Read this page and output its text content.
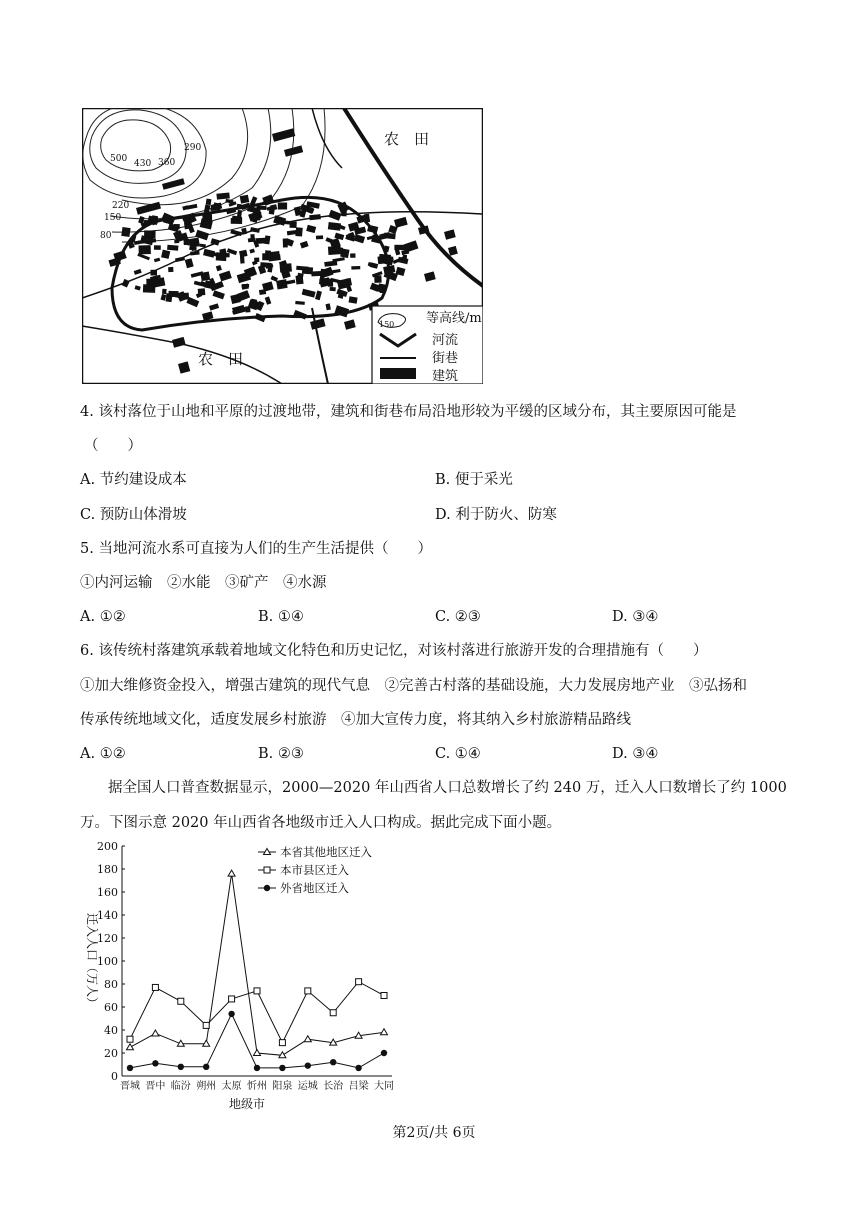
500 430 360
290
220
150
80
农　田
农　田
150 等高线/m
河流
街巷
建筑
4. 该村落位于山地和平原的过渡地带，建筑和街巷布局沿地形较为平缓的区域分布，其主要原因可能是
（　　）
A. 节约建设成本	B. 便于采光
C. 预防山体滑坡	D. 利于防火、防寒
5. 当地河流水系可直接为人们的生产生活提供（　　）
①内河运输　②水能　③矿产　④水源
A. ①②	B. ①④	C. ②③	D. ③④
6. 该传统村落建筑承载着地域文化特色和历史记忆，对该村落进行旅游开发的合理措施有（　　）
①加大维修资金投入，增强古建筑的现代气息　②完善古村落的基础设施，大力发展房地产业　③弘扬和
传承传统地域文化，适度发展乡村旅游　④加大宣传力度，将其纳入乡村旅游精品路线
A. ①②	B. ②③	C. ①④	D. ③④
据全国人口普查数据显示，2000—2020 年山西省人口总数增长了约 240 万，迁入人口数增长了约 1000
万。下图示意 2020 年山西省各地级市迁入人口构成。据此完成下面小题。
0
20
40
60
80
100
120
140
160
180
200
晋城 晋中 临汾 朔州 太原 忻州 阳泉 运城 长治 吕梁 大同
迁入人口（万人）
地级市
本省其他地区迁入
本市县区迁入
外省地区迁入
第2页/共 6页
